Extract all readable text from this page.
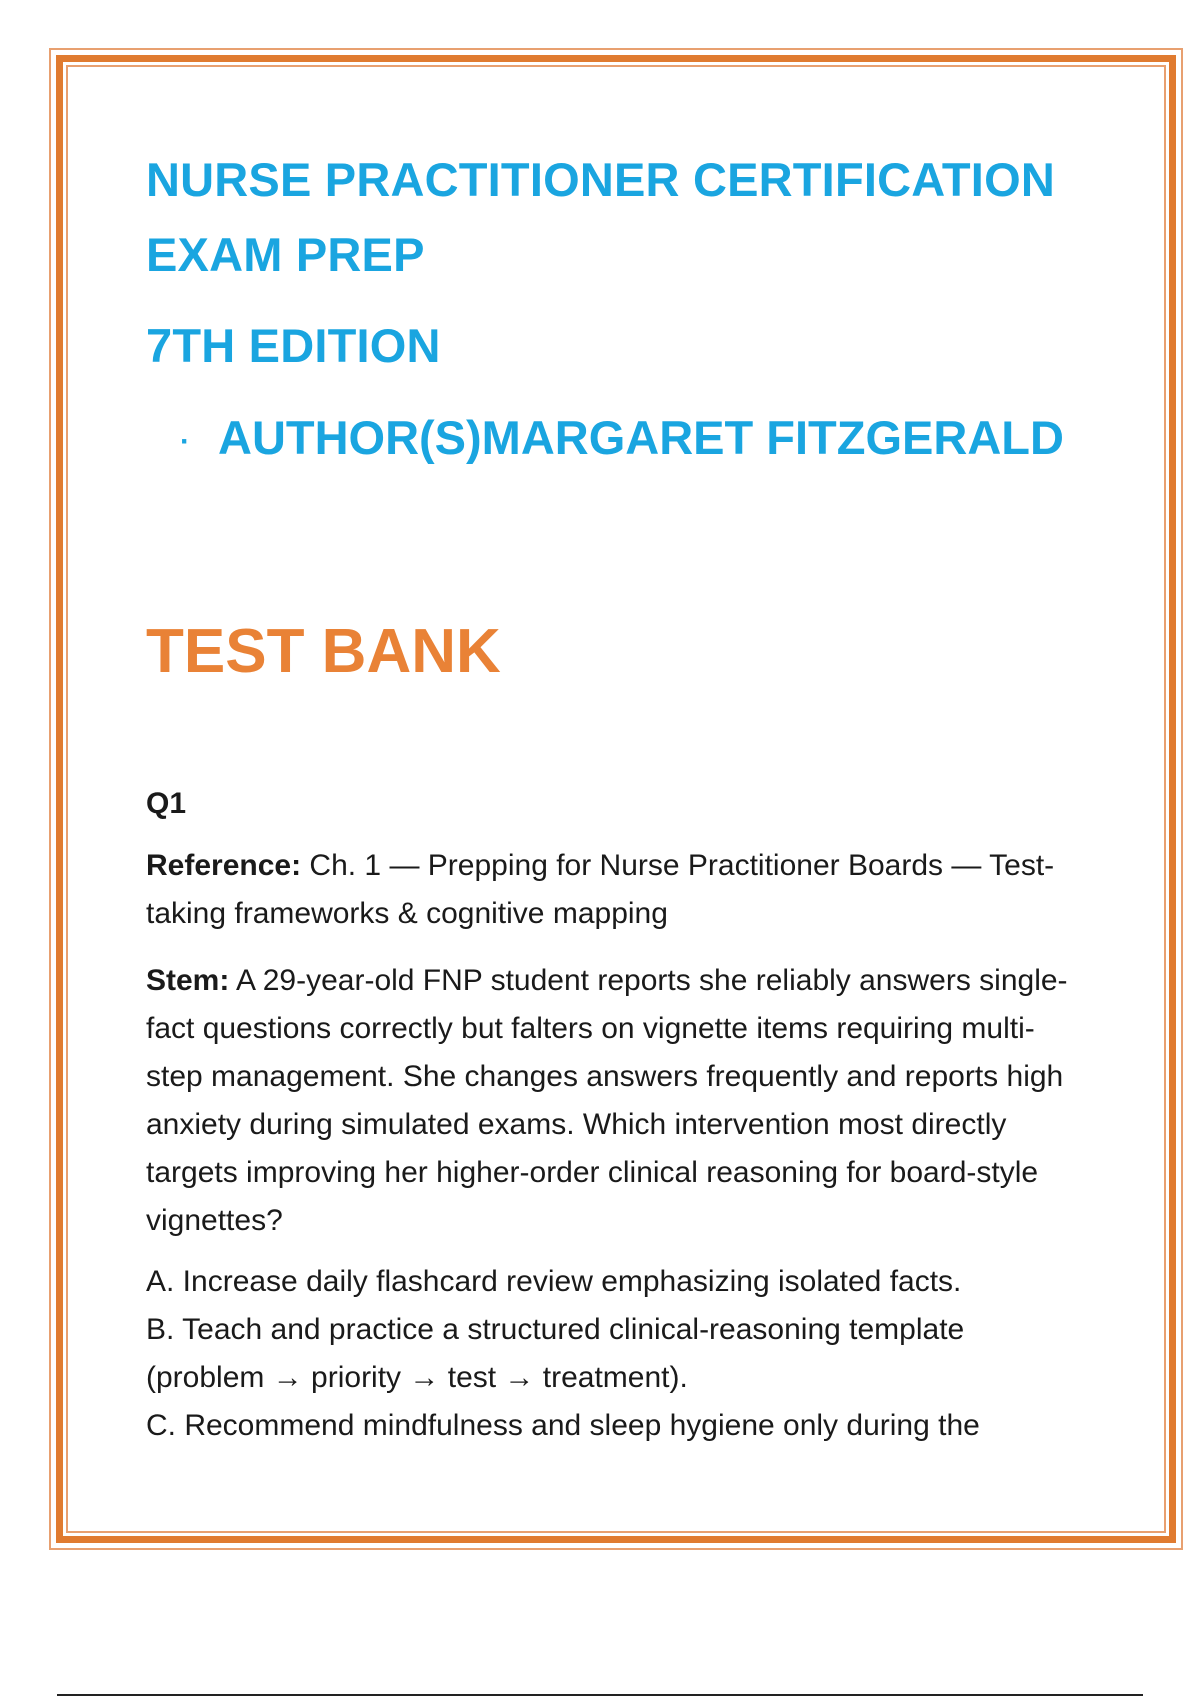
NURSE PRACTITIONER CERTIFICATION
EXAM PREP
7TH EDITION
· AUTHOR(S)MARGARET FITZGERALD
TEST BANK
Q1

Reference: Ch. 1 — Prepping for Nurse Practitioner Boards — Test-taking frameworks & cognitive mapping

Stem: A 29-year-old FNP student reports she reliably answers single-fact questions correctly but falters on vignette items requiring multi-step management. She changes answers frequently and reports high anxiety during simulated exams. Which intervention most directly targets improving her higher-order clinical reasoning for board-style vignettes?

A. Increase daily flashcard review emphasizing isolated facts.
B. Teach and practice a structured clinical-reasoning template (problem → priority → test → treatment).
C. Recommend mindfulness and sleep hygiene only during the
